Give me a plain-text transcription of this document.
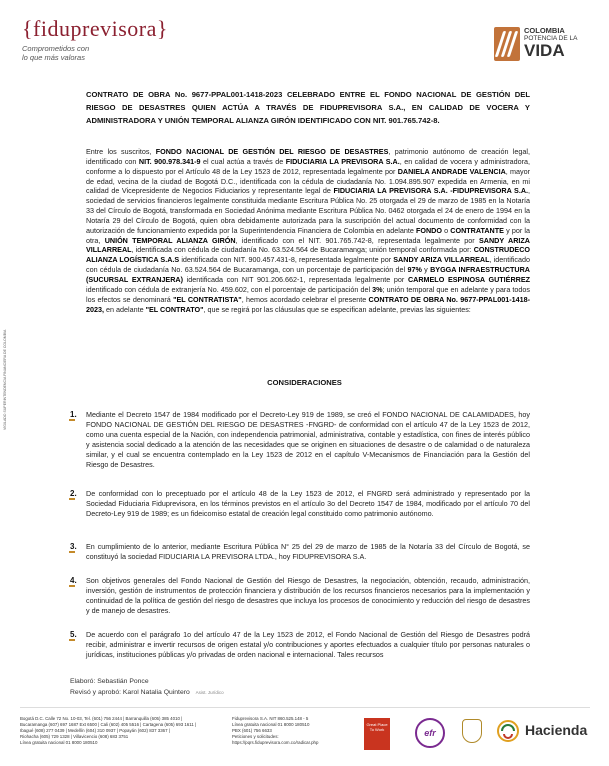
{fiduprevisora}
Comprometidos con
lo que más valoras
COLOMBIA
POTENCIA DE LA
VIDA
VIGILADO SUPERINTENDENCIA FINANCIERA DE COLOMBIA
CONTRATO DE OBRA No. 9677-PPAL001-1418-2023 CELEBRADO ENTRE EL FONDO NACIONAL DE GESTIÓN DEL RIESGO DE DESASTRES QUIEN ACTÚA A TRAVÉS DE FIDUPREVISORA S.A., EN CALIDAD DE VOCERA Y ADMINISTRADORA Y UNIÓN TEMPORAL ALIANZA GIRÓN IDENTIFICADO CON NIT. 901.765.742-8.
Entre los suscritos, FONDO NACIONAL DE GESTIÓN DEL RIESGO DE DESASTRES, patrimonio autónomo de creación legal, identificado con NIT. 900.978.341-9 el cual actúa a través de FIDUCIARIA LA PREVISORA S.A., en calidad de vocera y administradora, conforme a lo dispuesto por el Artículo 48 de la Ley 1523 de 2012, representada legalmente por DANIELA ANDRADE VALENCIA, mayor de edad, vecina de la ciudad de Bogotá D.C., identificada con la cédula de ciudadanía No. 1.094.895.907 expedida en Armenia, en mi calidad de Vicepresidente de Negocios Fiduciarios y representante legal de FIDUCIARIA LA PREVISORA S.A. -FIDUPREVISORA S.A., sociedad de servicios financieros legalmente constituida mediante Escritura Pública No. 25 otorgada el 29 de marzo de 1985 en la Notaría 33 del Círculo de Bogotá, transformada en Sociedad Anónima mediante Escritura Pública No. 0462 otorgada el 24 de enero de 1994 en la Notaría 29 del Círculo de Bogotá, quien obra debidamente autorizada para la suscripción del actual documento de conformidad con la autorización de funcionamiento expedida por la Superintendencia Financiera de Colombia en adelante FONDO o CONTRATANTE y por la otra, UNIÓN TEMPORAL ALIANZA GIRÓN, identificado con el NIT. 901.765.742-8, representada legalmente por SANDY ARIZA VILLARREAL, identificada con cédula de ciudadanía No. 63.524.564 de Bucaramanga; unión temporal conformada por: CONSTRUDECO ALIANZA LOGÍSTICA S.A.S identificada con NIT. 900.457.431-8, representada legalmente por SANDY ARIZA VILLARREAL, identificado con cédula de ciudadanía No. 63.524.564 de Bucaramanga, con un porcentaje de participación del 97% y BYGGA INFRAESTRUCTURA (SUCURSAL EXTRANJERA) identificada con NIT 901.206.662-1, representada legalmente por CARMELO ESPINOSA GUTIÉRREZ identificado con cédula de extranjería No. 459.602, con el porcentaje de participación del 3%; unión temporal que en adelante y para todos los efectos se denominará "EL CONTRATISTA", hemos acordado celebrar el presente CONTRATO DE OBRA No. 9677-PPAL001-1418-2023, en adelante "EL CONTRATO", que se regirá por las cláusulas que se especifican adelante, previas las siguientes:
CONSIDERACIONES
1. Mediante el Decreto 1547 de 1984 modificado por el Decreto-Ley 919 de 1989, se creó el FONDO NACIONAL DE CALAMIDADES, hoy FONDO NACIONAL DE GESTIÓN DEL RIESGO DE DESASTRES -FNGRD- de conformidad con el artículo 47 de la Ley 1523 de 2012, como una cuenta especial de la Nación, con independencia patrimonial, administrativa, contable y estadística, con fines de interés público y asistencia social dedicado a la atención de las necesidades que se originen en situaciones de desastre o de calamidad o de naturaleza similar, y el cual se encuentra contemplado en la Ley 1523 de 2012 en el capítulo V-Mecanismos de Financiación para la Gestión del Riesgo de Desastres.
2. De conformidad con lo preceptuado por el artículo 48 de la Ley 1523 de 2012, el FNGRD será administrado y representado por la Sociedad Fiduciaria Fiduprevisora, en los términos previstos en el artículo 3o del Decreto 1547 de 1984, modificado por el artículo 70 del Decreto-Ley 919 de 1989; es un fideicomiso estatal de creación legal constituido como patrimonio autónomo.
3. En cumplimiento de lo anterior, mediante Escritura Pública N° 25 del 29 de marzo de 1985 de la Notaría 33 del Círculo de Bogotá, se constituyó la sociedad FIDUCIARIA LA PREVISORA LTDA., hoy FIDUPREVISORA S.A.
4. Son objetivos generales del Fondo Nacional de Gestión del Riesgo de Desastres, la negociación, obtención, recaudo, administración, inversión, gestión de instrumentos de protección financiera y distribución de los recursos financieros necesarios para la implementación y continuidad de la política de gestión del riesgo de desastres que incluya los procesos de conocimiento y reducción del riesgo de desastres y de manejo de desastres.
5. De acuerdo con el parágrafo 1o del artículo 47 de la Ley 1523 de 2012, el Fondo Nacional de Gestión del Riesgo de Desastres podrá recibir, administrar e invertir recursos de origen estatal y/o contribuciones y aportes efectuados a cualquier título por personas naturales o jurídicas, instituciones públicas y/o privadas de orden nacional e internacional. Tales recursos
Elaboró: Sebastián Ponce
Revisó y aprobó: Karol Natalia Quintero Asist. Jurídico
Bogotá D.C. Calle 72 No. 10-03, Tel. (601) 756 2444 | Barranquilla (605) 385 4010 |
Bucaramanga (607) 697 1687 Ext 6500 | Cali (602) 405 5516 | Cartagena (605) 693 1611 |
Ibagué (608) 277 0439 | Medellín (604) 310 0937 | Popayán (602) 837 3367 |
Riohacha (605) 729 1328 | Villavicencio (608) 683 3751
Línea gratuita nacional 01 8000 180510
Fiduprevisora S.A. NIT 860.525.148 - 5
Línea gratuita nacional 01 8000 180510
PBX (601) 756 6633
Peticiones y solicitudes:
https://pqrs.fiduprevisora.com.co/radicar.php
Great Place To Work	efr	Hacienda
